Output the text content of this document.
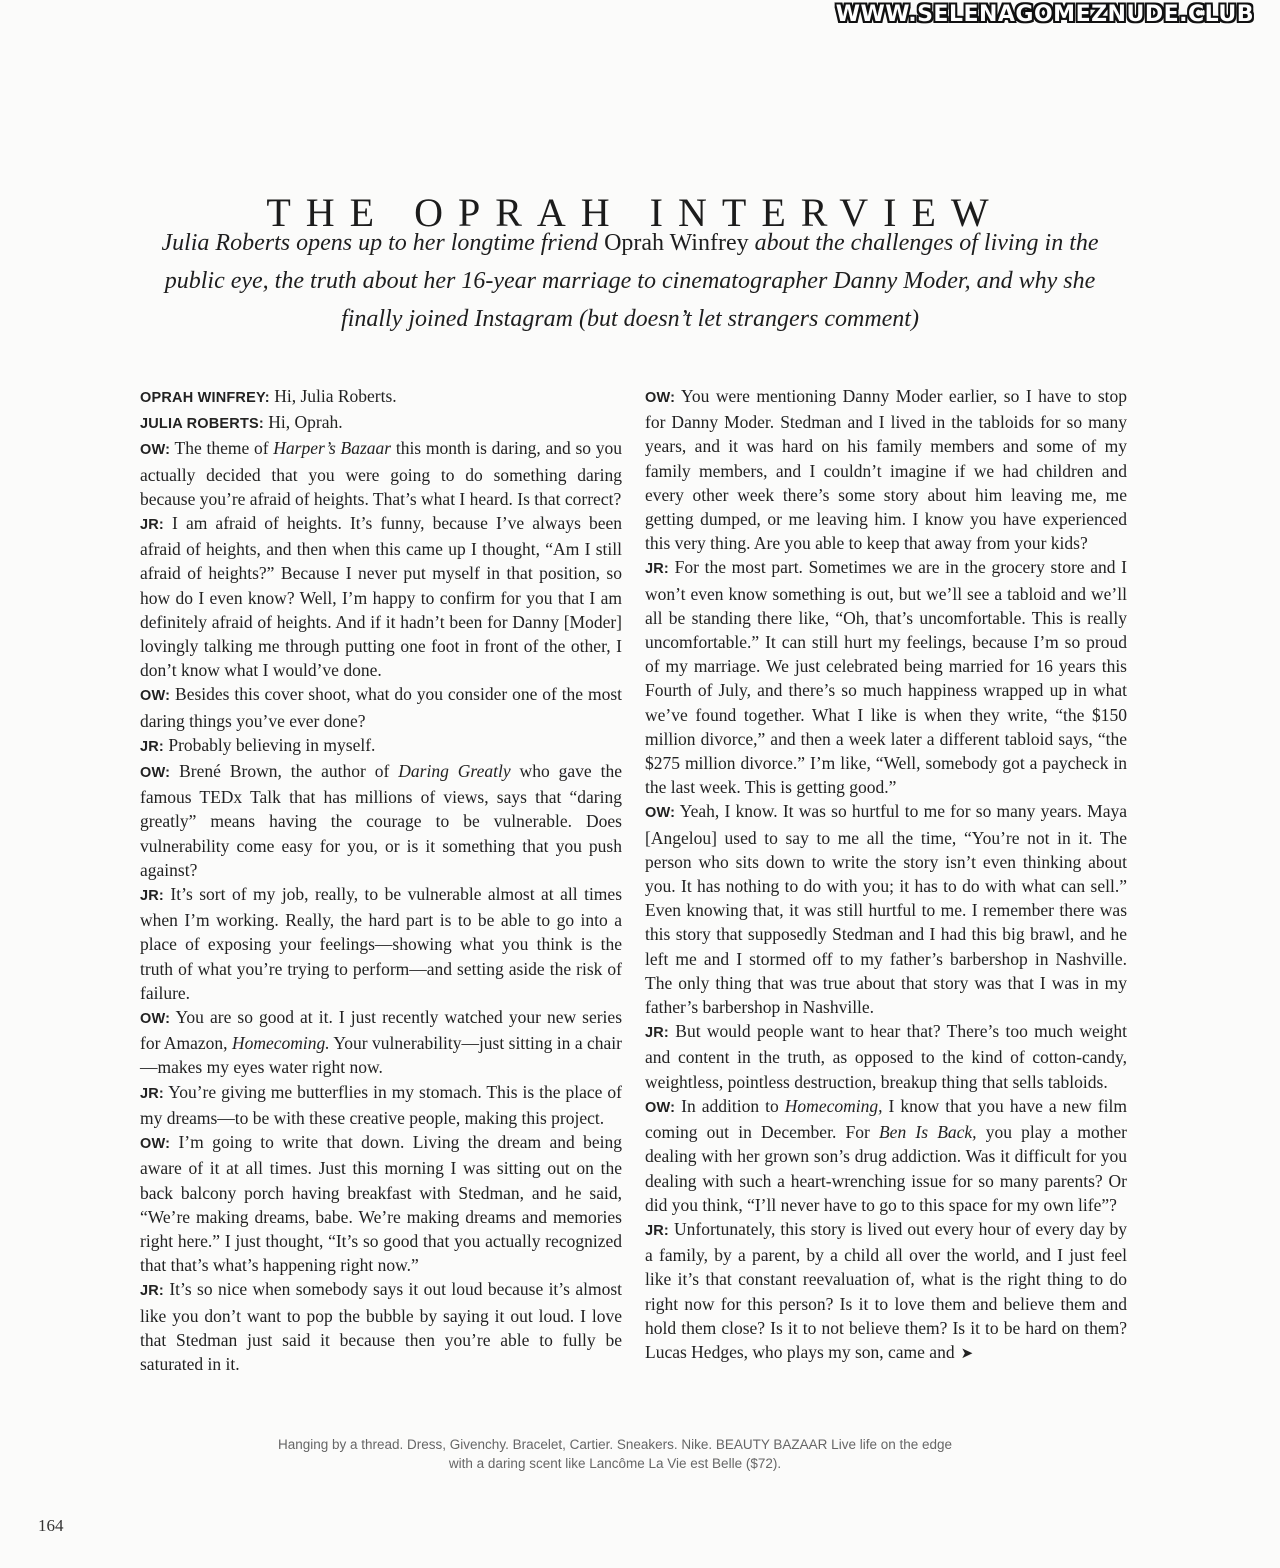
WWW.SELENAGOMEZNUDE.CLUB
THE OPRAH INTERVIEW
Julia Roberts opens up to her longtime friend Oprah Winfrey about the challenges of living in the public eye, the truth about her 16-year marriage to cinematographer Danny Moder, and why she finally joined Instagram (but doesn’t let strangers comment)

OPRAH WINFREY: Hi, Julia Roberts.

JULIA ROBERTS: Hi, Oprah.

OW: The theme of Harper’s Bazaar this month is daring, and so you actually decided that you were going to do something daring because you’re afraid of heights. That’s what I heard. Is that correct?

JR: I am afraid of heights. It’s funny, because I’ve always been afraid of heights, and then when this came up I thought, “Am I still afraid of heights?” Because I never put myself in that position, so how do I even know? Well, I’m happy to confirm for you that I am definitely afraid of heights. And if it hadn’t been for Danny [Moder] lovingly talking me through putting one foot in front of the other, I don’t know what I would’ve done.

OW: Besides this cover shoot, what do you consider one of the most daring things you’ve ever done?

JR: Probably believing in myself.

OW: Brené Brown, the author of Daring Greatly who gave the famous TEDx Talk that has millions of views, says that “daring greatly” means having the courage to be vulnerable. Does vulnerability come easy for you, or is it something that you push against?

JR: It’s sort of my job, really, to be vulnerable almost at all times when I’m working. Really, the hard part is to be able to go into a place of exposing your feelings—showing what you think is the truth of what you’re trying to perform—and setting aside the risk of failure.

OW: You are so good at it. I just recently watched your new series for Amazon, Homecoming. Your vulnerability—just sitting in a chair—makes my eyes water right now.

JR: You’re giving me butterflies in my stomach. This is the place of my dreams—to be with these creative people, making this project.

OW: I’m going to write that down. Living the dream and being aware of it at all times. Just this morning I was sitting out on the back balcony porch having breakfast with Stedman, and he said, “We’re making dreams, babe. We’re making dreams and memories right here.” I just thought, “It’s so good that you actually recognized that that’s what’s happening right now.”

JR: It’s so nice when somebody says it out loud because it’s almost like you don’t want to pop the bubble by saying it out loud. I love that Stedman just said it because then you’re able to fully be saturated in it.

OW: You were mentioning Danny Moder earlier, so I have to stop for Danny Moder. Stedman and I lived in the tabloids for so many years, and it was hard on his family members and some of my family members, and I couldn’t imagine if we had children and every other week there’s some story about him leaving me, me getting dumped, or me leaving him. I know you have experienced this very thing. Are you able to keep that away from your kids?

JR: For the most part. Sometimes we are in the grocery store and I won’t even know something is out, but we’ll see a tabloid and we’ll all be standing there like, “Oh, that’s uncomfortable. This is really uncomfortable.” It can still hurt my feelings, because I’m so proud of my marriage. We just celebrated being married for 16 years this Fourth of July, and there’s so much happiness wrapped up in what we’ve found together. What I like is when they write, “the $150 million divorce,” and then a week later a different tabloid says, “the $275 million divorce.” I’m like, “Well, somebody got a paycheck in the last week. This is getting good.”

OW: Yeah, I know. It was so hurtful to me for so many years. Maya [Angelou] used to say to me all the time, “You’re not in it. The person who sits down to write the story isn’t even thinking about you. It has nothing to do with you; it has to do with what can sell.” Even knowing that, it was still hurtful to me. I remember there was this story that supposedly Stedman and I had this big brawl, and he left me and I stormed off to my father’s barbershop in Nashville. The only thing that was true about that story was that I was in my father’s barbershop in Nashville.

JR: But would people want to hear that? There’s too much weight and content in the truth, as opposed to the kind of cotton-candy, weightless, pointless destruction, breakup thing that sells tabloids.

OW: In addition to Homecoming, I know that you have a new film coming out in December. For Ben Is Back, you play a mother dealing with her grown son’s drug addiction. Was it difficult for you dealing with such a heart-wrenching issue for so many parents? Or did you think, “I’ll never have to go to this space for my own life”?

JR: Unfortunately, this story is lived out every hour of every day by a family, by a parent, by a child all over the world, and I just feel like it’s that constant reevaluation of, what is the right thing to do right now for this person? Is it to love them and believe them and hold them close? Is it to not believe them? Is it to be hard on them? Lucas Hedges, who plays my son, came and ➤

Hanging by a thread. Dress, Givenchy. Bracelet, Cartier. Sneakers. Nike. BEAUTY BAZAAR Live life on the edge
with a daring scent like Lancôme La Vie est Belle ($72).
164
